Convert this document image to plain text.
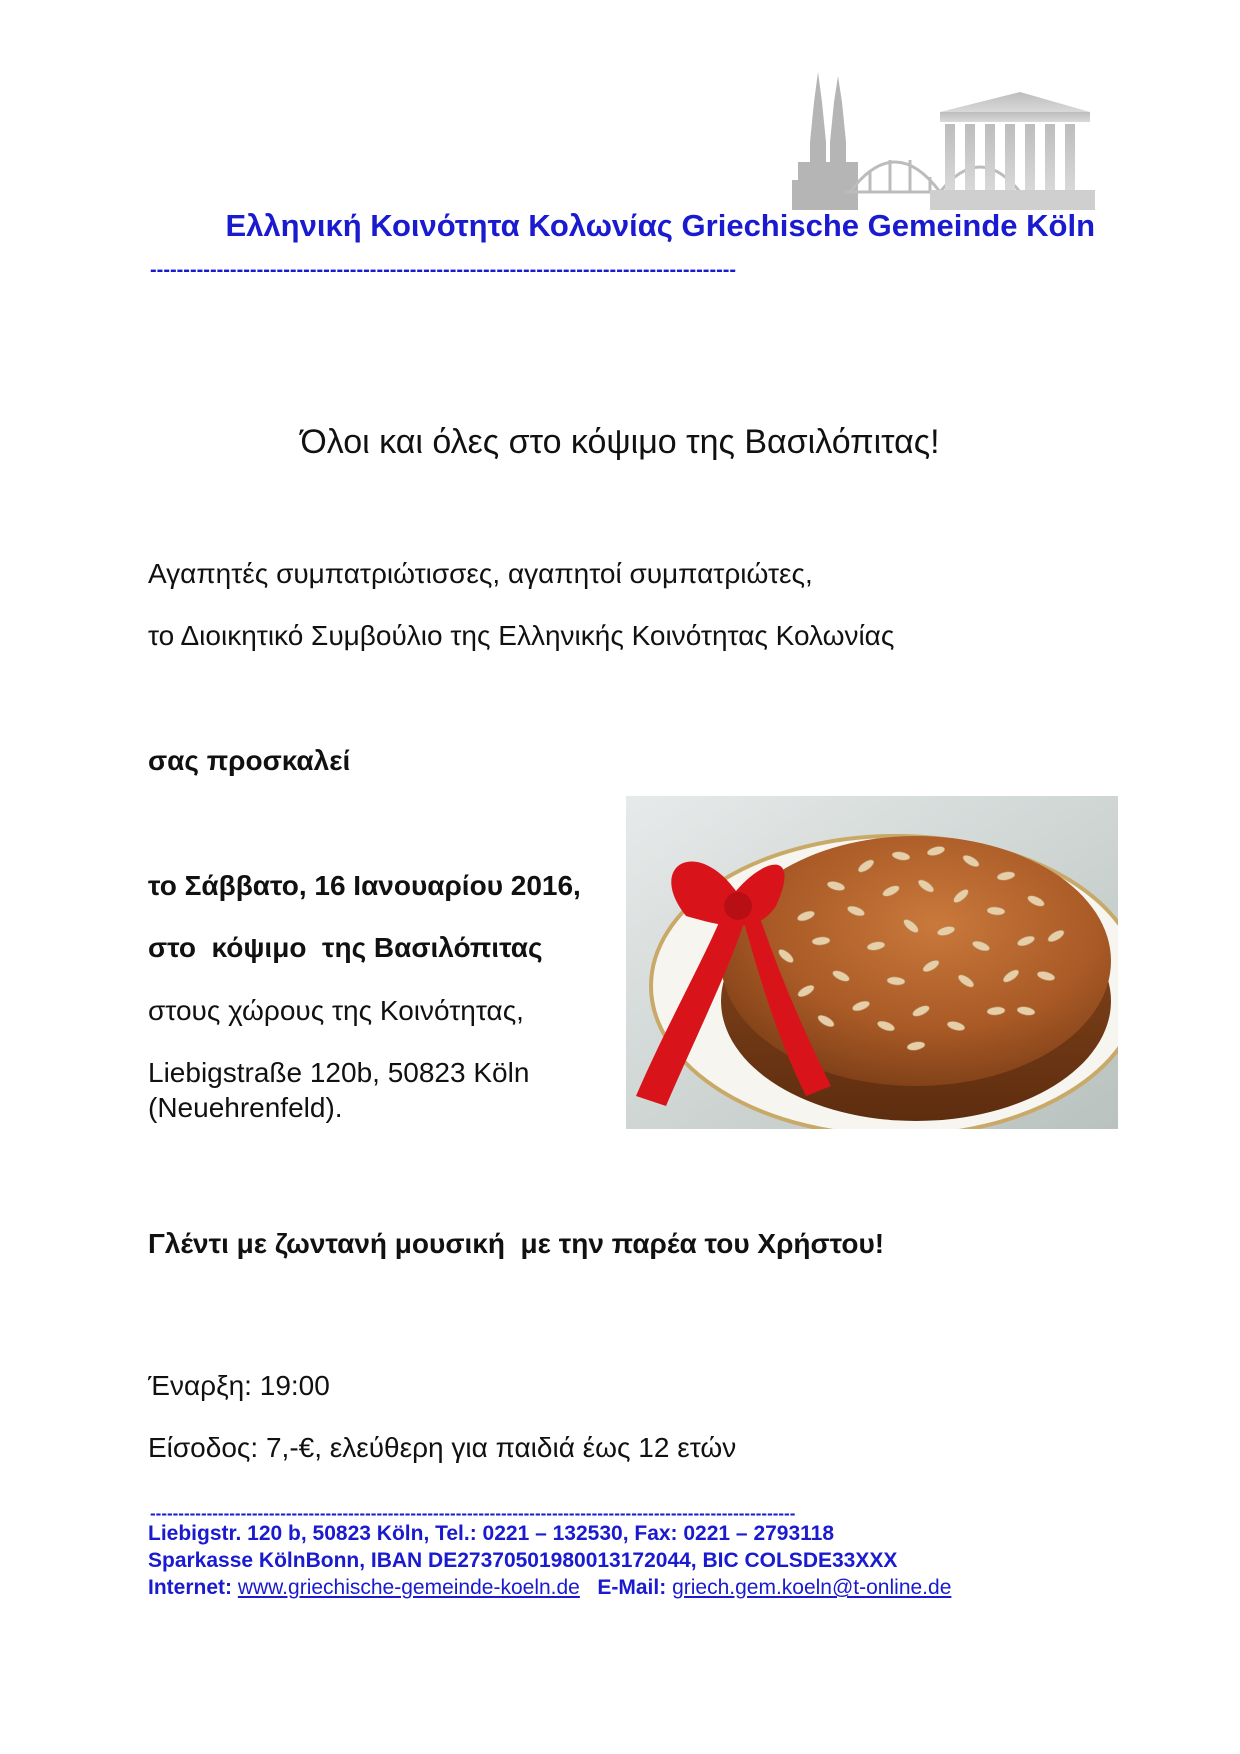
Ελληνική Κοινότητα Κολωνίας Griechische Gemeinde Köln
----------------------------------------------------------------------------------------
Όλοι και όλες στο κόψιμο της Βασιλόπιτας!
Αγαπητές συμπατριώτισσες, αγαπητοί συμπατριώτες,
το Διοικητικό Συμβούλιο της Ελληνικής Κοινότητας Κολωνίας
σας προσκαλεί
το Σάββατο, 16 Ιανουαρίου 2016,
στο  κόψιμο  της Βασιλόπιτας
στους χώρους της Κοινότητας,
Liebigstraße 120b, 50823 Köln
(Neuehrenfeld).
Γλέντι με ζωντανή μουσική  με την παρέα του Χρήστου!
Έναρξη: 19:00
Είσοδος: 7,-€, ελεύθερη για παιδιά έως 12 ετών
------------------------------------------------------------------------------------------------------------------
Liebigstr. 120 b, 50823 Köln, Tel.: 0221 – 132530, Fax: 0221 – 2793118
Sparkasse KölnBonn, IBAN DE27370501980013172044, BIC COLSDE33XXX
Internet: www.griechische-gemeinde-koeln.de E-Mail: griech.gem.koeln@t-online.de
